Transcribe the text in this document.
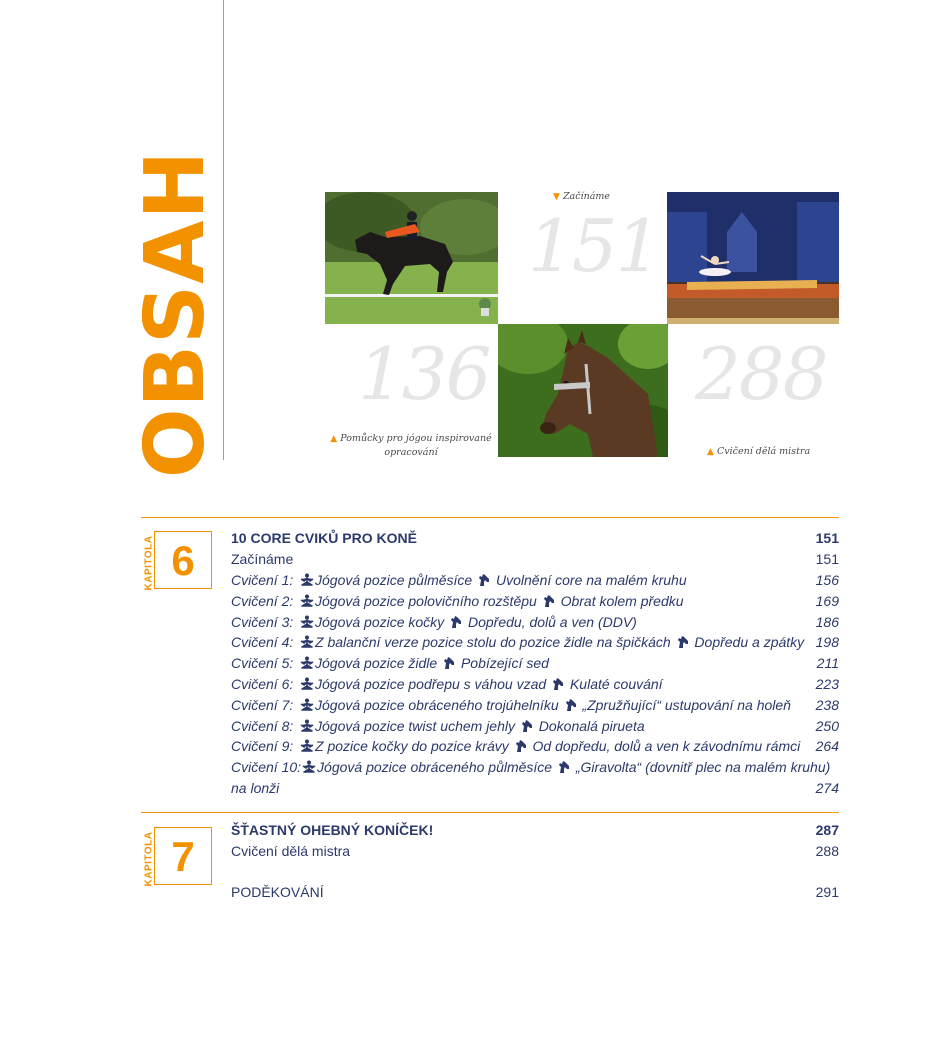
OBSAH	151
136	288
▼ Začínáme
▲ Pomůcky pro jógou inspirované
opracování	▲ Cvičení dělá mistra
KAPITOLA 6
KAPITOLA 7
10 CORE CVIKŮ PRO KONĚ	151
Začínáme	151
Cvičení 1: Jógová pozice půlměsíce Uvolnění core na malém kruhu	156
Cvičení 2: Jógová pozice polovičního rozštěpu Obrat kolem předku	169
Cvičení 3: Jógová pozice kočky Dopředu, dolů a ven (DDV)	186
Cvičení 4: Z balanční verze pozice stolu do pozice židle na špičkách Dopředu a zpátky 198
Cvičení 5: Jógová pozice židle Pobízející sed	211
Cvičení 6: Jógová pozice podřepu s váhou vzad Kulaté couvání	223
Cvičení 7: Jógová pozice obráceného trojúhelníku „Zpružňující“ ustupování na holeň 238
Cvičení 8: Jógová pozice twist uchem jehly Dokonalá pirueta	250
Cvičení 9: Z pozice kočky do pozice krávy Od dopředu, dolů a ven k závodnímu rámci 264
Cvičení 10: Jógová pozice obráceného půlměsíce „Giravolta“ (dovnitř plec na malém kruhu)
na lonži	274
ŠŤASTNÝ OHEBNÝ KONÍČEK!	287
Cvičení dělá mistra	288
PODĚKOVÁNÍ	291
